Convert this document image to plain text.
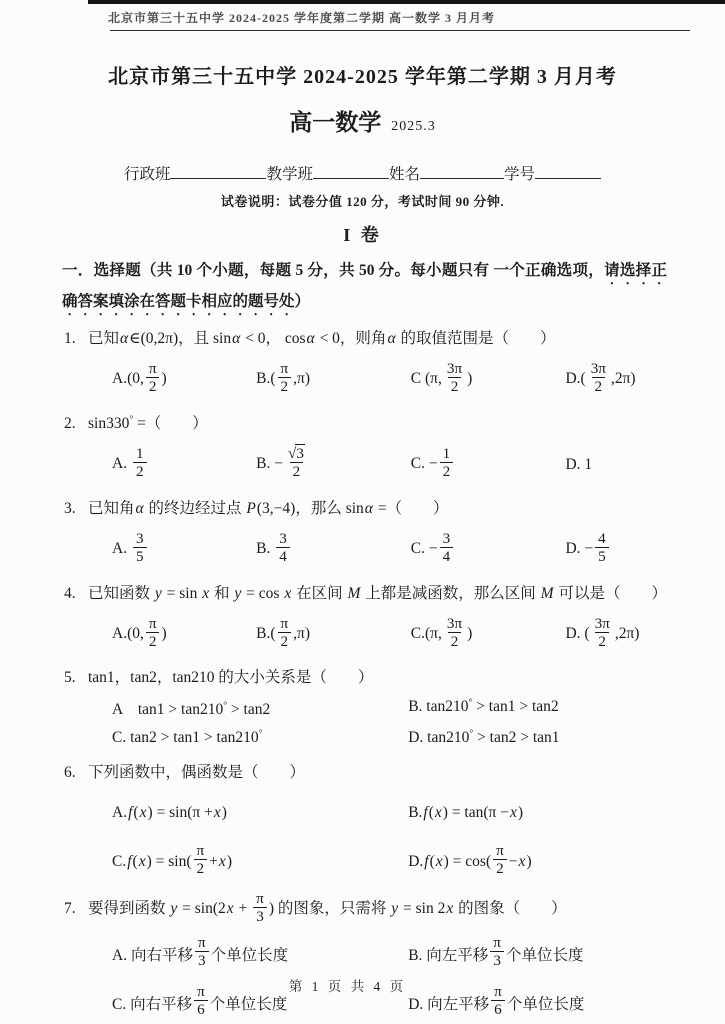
北京市第三十五中学 2024-2025 学年度第二学期 高一数学 3 月月考
北京市第三十五中学 2024-2025 学年第二学期 3 月月考
高一数学 2025.3
行政班	教学班	姓名	学号
试卷说明：试卷分值 120 分，考试时间 90 分钟.
I 卷
一．选择题（共 10 个小题，每题 5 分，共 50 分。每小题只有 一个正确选项，请选择正确答案填涂在答题卡相应的题号处）
1. 已知α∈(0,2π)，且 sinα < 0， cosα < 0，则角α 的取值范围是（　　）
A.(0, $\frac{\pi}{2}$ )	$B.( \frac{\pi}{2} ,\pi)$	C (π, $\frac{3\pi}{2}$ )	$D.( \frac{3\pi}{2} ,2\pi)$
2. sin330° =（　　）
A. $\frac{1}{2}$	B. − $\frac{√3}{2}$	C. − $\frac{1}{2}$	D. 1
3. 已知角α 的终边经过点 P(3,−4)，那么 sinα =（　　）
A. $\frac{3}{5}$	B. $\frac{3}{4}$	C. − $\frac{3}{4}$	D. − $\frac{4}{5}$
4. 已知函数 y = sin x 和 y = cos x 在区间 M 上都是减函数，那么区间 M 可以是（　　）
A.(0, $\frac{\pi}{2}$ )	$B.( \frac{\pi}{2} ,\pi)$	C.(π, $\frac{3\pi}{2}$ )	D. ( $\frac{3\pi}{2} ,2\pi$)
5. tan1，tan2，tan210 的大小关系是（　　）
A　tan1 > tan210° > tan2	B. tan210° > tan1 > tan2
C. tan2 > tan1 > tan210°	D. tan210° > tan2 > tan1
6. 下列函数中，偶函数是（　　）
A. f ( x ) = sin(π + x )	B. f ( x ) = tan(π − x )
C. f ( x ) = $\sin( \frac{\pi}{2} + x$ )	D. f ( x ) = $\cos( \frac{\pi}{2} - x$ )
7. 要得到函数 $y = \sin(2x + \frac{\pi}{3}$ ) 的图象，只需将 y = sin 2x 的图象（　　）
A. 向右平移 $\frac{\pi}{3}$ 个单位长度	B. 向左平移 $\frac{\pi}{3}$ 个单位长度
C. 向右平移 $\frac{\pi}{6}$ 个单位长度	D. 向左平移 $\frac{\pi}{6}$ 个单位长度
第 1 页 共 4 页
